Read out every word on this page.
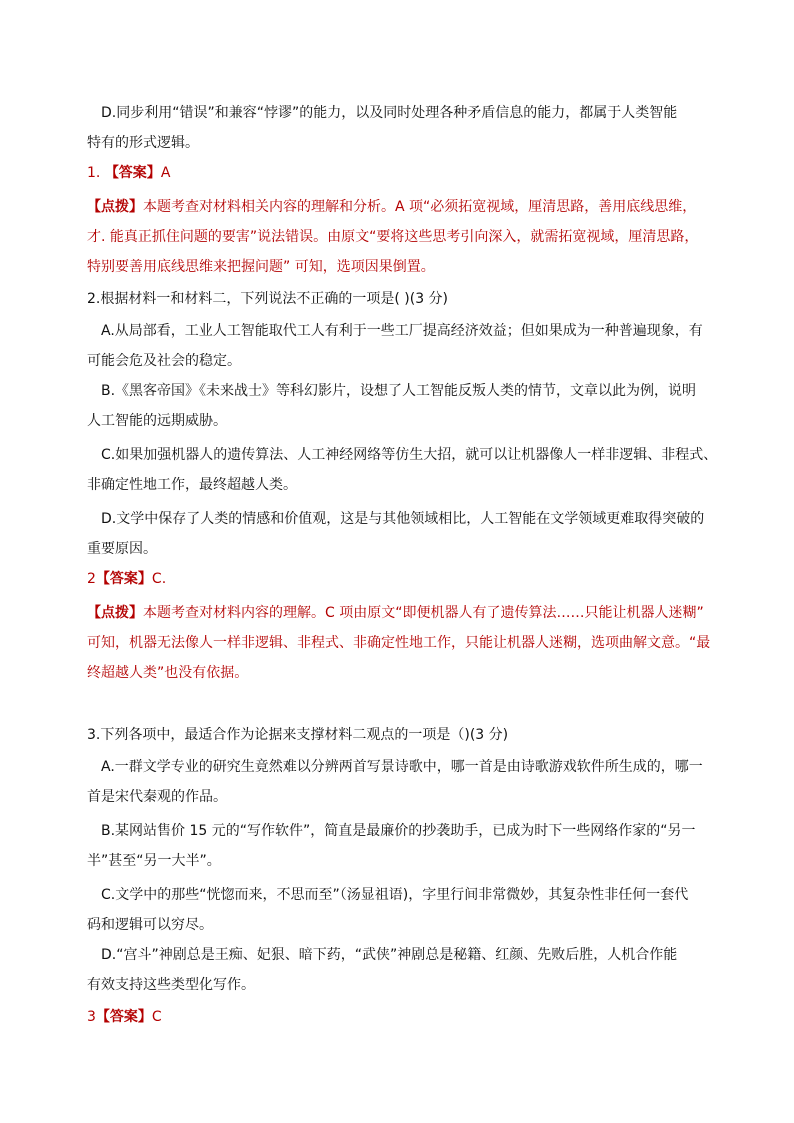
D.同步利用“错误”和兼容“悖谬”的能力，以及同时处理各种矛盾信息的能力，都属于人类智能
特有的形式逻辑。
1. 【答案】A
【点拨】本题考查对材料相关内容的理解和分析。A 项“必须拓宽视域，厘清思路，善用底线思维，
才. 能真正抓住问题的要害”说法错误。由原文“要将这些思考引向深入，就需拓宽视域，厘清思路，
特别要善用底线思维来把握问题” 可知，选项因果倒置。
2.根据材料一和材料二，下列说法不正确的一项是( )(3 分)
A.从局部看，工业人工智能取代工人有利于一些工厂提高经济效益；但如果成为一种普遍现象，有
可能会危及社会的稳定。
B.《黑客帝国》《未来战士》等科幻影片，设想了人工智能反叛人类的情节，文章以此为例，说明
人工智能的远期威胁。
C.如果加强机器人的遗传算法、人工神经网络等仿生大招，就可以让机器像人一样非逻辑、非程式、
非确定性地工作，最终超越人类。
D.文学中保存了人类的情感和价值观，这是与其他领域相比，人工智能在文学领域更难取得突破的
重要原因。
2【答案】C.
【点拨】本题考查对材料内容的理解。C 项由原文“即便机器人有了遗传算法……只能让机器人迷糊”
可知，机器无法像人一样非逻辑、非程式、非确定性地工作，只能让机器人迷糊，选项曲解文意。“最
终超越人类”也没有依据。
3.下列各项中，最适合作为论据来支撑材料二观点的一项是（)(3 分)
A.一群文学专业的研究生竟然难以分辨两首写景诗歌中，哪一首是由诗歌游戏软件所生成的，哪一
首是宋代秦观的作品。
B.某网站售价 15 元的“写作软件”，简直是最廉价的抄袭助手，已成为时下一些网络作家的“另一
半”甚至“另一大半”。
C.文学中的那些“恍惚而来，不思而至”（汤显祖语)，字里行间非常微妙，其复杂性非任何一套代
码和逻辑可以穷尽。
D.“宫斗”神剧总是王痴、妃狠、暗下药，“武侠”神剧总是秘籍、红颜、先败后胜，人机合作能
有效支持这些类型化写作。
3【答案】C
